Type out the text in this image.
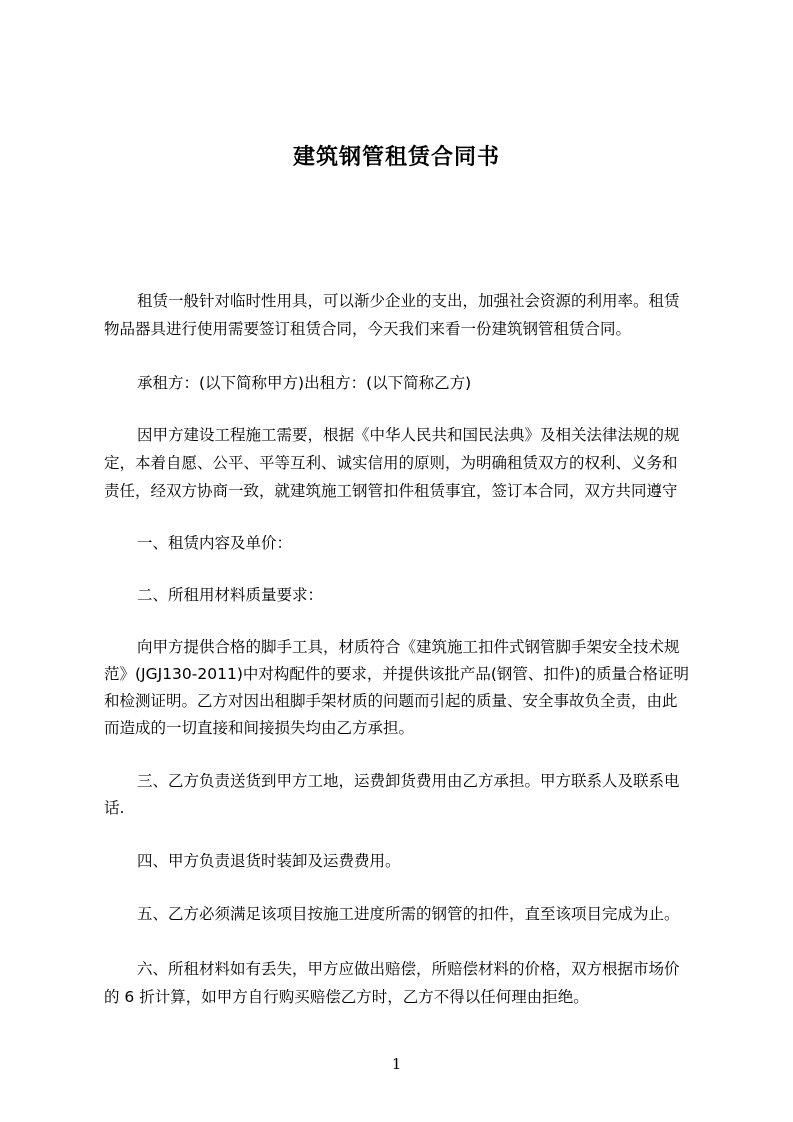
建筑钢管租赁合同书
租赁一般针对临时性用具，可以渐少企业的支出，加强社会资源的利用率。租赁
物品器具进行使用需要签订租赁合同，今天我们来看一份建筑钢管租赁合同。
承租方：(以下简称甲方)出租方：(以下简称乙方)
因甲方建设工程施工需要，根据《中华人民共和国民法典》及相关法律法规的规
定，本着自愿、公平、平等互利、诚实信用的原则，为明确租赁双方的权利、义务和
责任，经双方协商一致，就建筑施工钢管扣件租赁事宜，签订本合同，双方共同遵守
一、租赁内容及单价：
二、所租用材料质量要求：
向甲方提供合格的脚手工具，材质符合《建筑施工扣件式钢管脚手架安全技术规
范》(JGJ130-2011)中对构配件的要求，并提供该批产品(钢管、扣件)的质量合格证明
和检测证明。乙方对因出租脚手架材质的问题而引起的质量、安全事故负全责，由此
而造成的一切直接和间接损失均由乙方承担。
三、乙方负责送货到甲方工地，运费卸货费用由乙方承担。甲方联系人及联系电
话.
四、甲方负责退货时装卸及运费费用。
五、乙方必须满足该项目按施工进度所需的钢管的扣件，直至该项目完成为止。
六、所租材料如有丢失，甲方应做出赔偿，所赔偿材料的价格，双方根据市场价
的 6 折计算，如甲方自行购买赔偿乙方时，乙方不得以任何理由拒绝。
1
